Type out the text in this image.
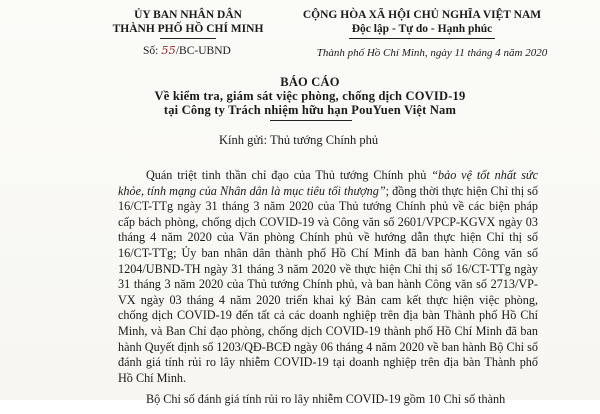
ỦY BAN NHÂN DÂN
THÀNH PHỐ HỒ CHÍ MINH
Số: 55/BC-UBND
CỘNG HÒA XÃ HỘI CHỦ NGHĨA VIỆT NAM
Độc lập - Tự do - Hạnh phúc
Thành phố Hồ Chí Minh, ngày 11 tháng 4 năm 2020
BÁO CÁO
Về kiểm tra, giám sát việc phòng, chống dịch COVID-19
tại Công ty Trách nhiệm hữu hạn PouYuen Việt Nam
Kính gửi: Thủ tướng Chính phủ

Quán triệt tinh thần chỉ đạo của Thủ tướng Chính phủ “bảo vệ tốt nhất sức khỏe, tính mạng của Nhân dân là mục tiêu tối thượng”; đồng thời thực hiện Chỉ thị số 16/CT-TTg ngày 31 tháng 3 năm 2020 của Thủ tướng Chính phủ về các biện pháp cấp bách phòng, chống dịch COVID-19 và Công văn số 2601/VPCP-KGVX ngày 03 tháng 4 năm 2020 của Văn phòng Chính phủ về hướng dẫn thực hiện Chỉ thị số 16/CT-TTg; Ủy ban nhân dân thành phố Hồ Chí Minh đã ban hành Công văn số 1204/UBND-TH ngày 31 tháng 3 năm 2020 về thực hiện Chỉ thị số 16/CT-TTg ngày 31 tháng 3 năm 2020 của Thủ tướng Chính phủ, và ban hành Công văn số 2713/VP-VX ngày 03 tháng 4 năm 2020 triển khai ký Bản cam kết thực hiện việc phòng, chống dịch COVID-19 đến tất cả các doanh nghiệp trên địa bàn Thành phố Hồ Chí Minh, và Ban Chỉ đạo phòng, chống dịch COVID-19 thành phố Hồ Chí Minh đã ban hành Quyết định số 1203/QĐ-BCĐ ngày 06 tháng 4 năm 2020 về ban hành Bộ Chỉ số đánh giá tính rủi ro lây nhiễm COVID-19 tại doanh nghiệp trên địa bàn Thành phố Hồ Chí Minh.

Bộ Chỉ số đánh giá tính rủi ro lây nhiễm COVID-19 gồm 10 Chỉ số thành
